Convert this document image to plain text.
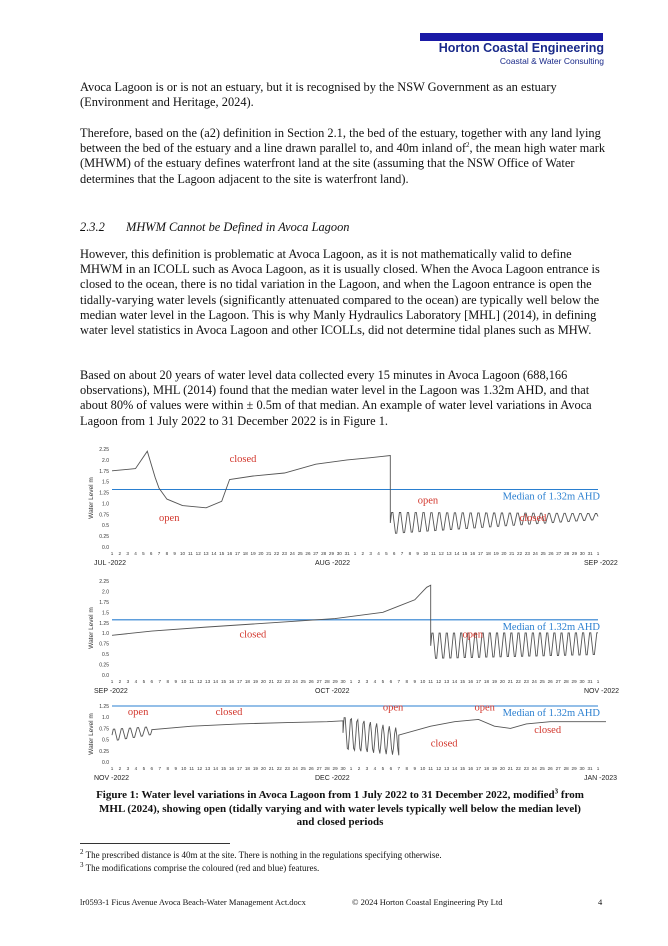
Horton Coastal Engineering
Coastal & Water Consulting

Avoca Lagoon is or is not an estuary, but it is recognised by the NSW Government as an estuary (Environment and Heritage, 2024).

Therefore, based on the (a2) definition in Section 2.1, the bed of the estuary, together with any land lying between the bed of the estuary and a line drawn parallel to, and 40m inland $of^2$, the mean high water mark (MHWM) of the estuary defines waterfront land at the site (assuming that the NSW Office of Water determines that the Lagoon adjacent to the site is waterfront land).

2.3.2 MHWM Cannot be Defined in Avoca Lagoon

However, this definition is problematic at Avoca Lagoon, as it is not mathematically valid to define MHWM in an ICOLL such as Avoca Lagoon, as it is usually closed. When the Avoca Lagoon entrance is closed to the ocean, there is no tidal variation in the Lagoon, and when the Lagoon entrance is open the tidally-varying water levels (significantly attenuated compared to the ocean) are typically well below the median water level in the Lagoon. This is why Manly Hydraulics Laboratory [MHL] (2014), in defining water level statistics in Avoca Lagoon and other ICOLLs, did not determine tidal planes such as MHW.

Based on about 20 years of water level data collected every 15 minutes in Avoca Lagoon (688,166 observations), MHL (2014) found that the median water level in the Lagoon was 1.32m AHD, and that about 80% of values were within ± 0.5m of that median. An example of water level variations in Avoca Lagoon from 1 July 2022 to 31 December 2022 is in Figure 1.

Water Level m
0.0
0.25
0.5
0.75
1.0
1.25
1.5
1.75
2.0
2.25
1 2 3 4 5 6 7 8 9 10 11 12 13 14 15 16 17 18 19 20 21 22 23 24 25 26 27 28 29 30 31 1 2 3 4 5 6 7 8 9 10 11 12 13 14 15 16 17 18 19 20 21 22 23 24 25 26 27 28 29 30 31 1
JUL -2022	AUG -2022	SEP -2022
Median of 1.32m AHD
closed
open
open
closed
Water Level m
0.0
0.25
0.5
0.75
1.0
1.25
1.5
1.75
2.0
2.25
1 2 3 4 5 6 7 8 9 10 11 12 13 14 15 16 17 18 19 20 21 22 23 24 25 26 27 28 29 30 1 2 3 4 5 6 7 8 9 10 11 12 13 14 15 16 17 18 19 20 21 22 23 24 25 26 27 28 29 30 31 1
SEP -2022	OCT -2022	NOV -2022
Median of 1.32m AHD
closed	open
Water Level m
0.0
0.25
0.5
0.75
1.0
1.25
1 2 3 4 5 6 7 8 9 10 11 12 13 14 15 16 17 18 19 20 21 22 23 24 25 26 27 28 29 30 1 2 3 4 5 6 7 8 9 10 11 12 13 14 15 16 17 18 19 20 21 22 23 24 25 26 27 28 29 30 31 1
NOV -2022	DEC -2022	JAN -2023
Median of 1.32m AHD
open	closed	open
closed
open
closed
Figure 1: Water level variations in Avoca Lagoon from 1 July 2022 to 31 December 2022, modified$^3$ from MHL (2024), showing open (tidally varying and with water levels typically well below the median level) and closed periods
$^2$ The prescribed distance is 40m at the site. There is nothing in the regulations specifying otherwise.
$^3$ The modifications comprise the coloured (red and blue) features.
lr0593-1 Ficus Avenue Avoca Beach-Water Management Act.docx	© 2024 Horton Coastal Engineering Pty Ltd	4
